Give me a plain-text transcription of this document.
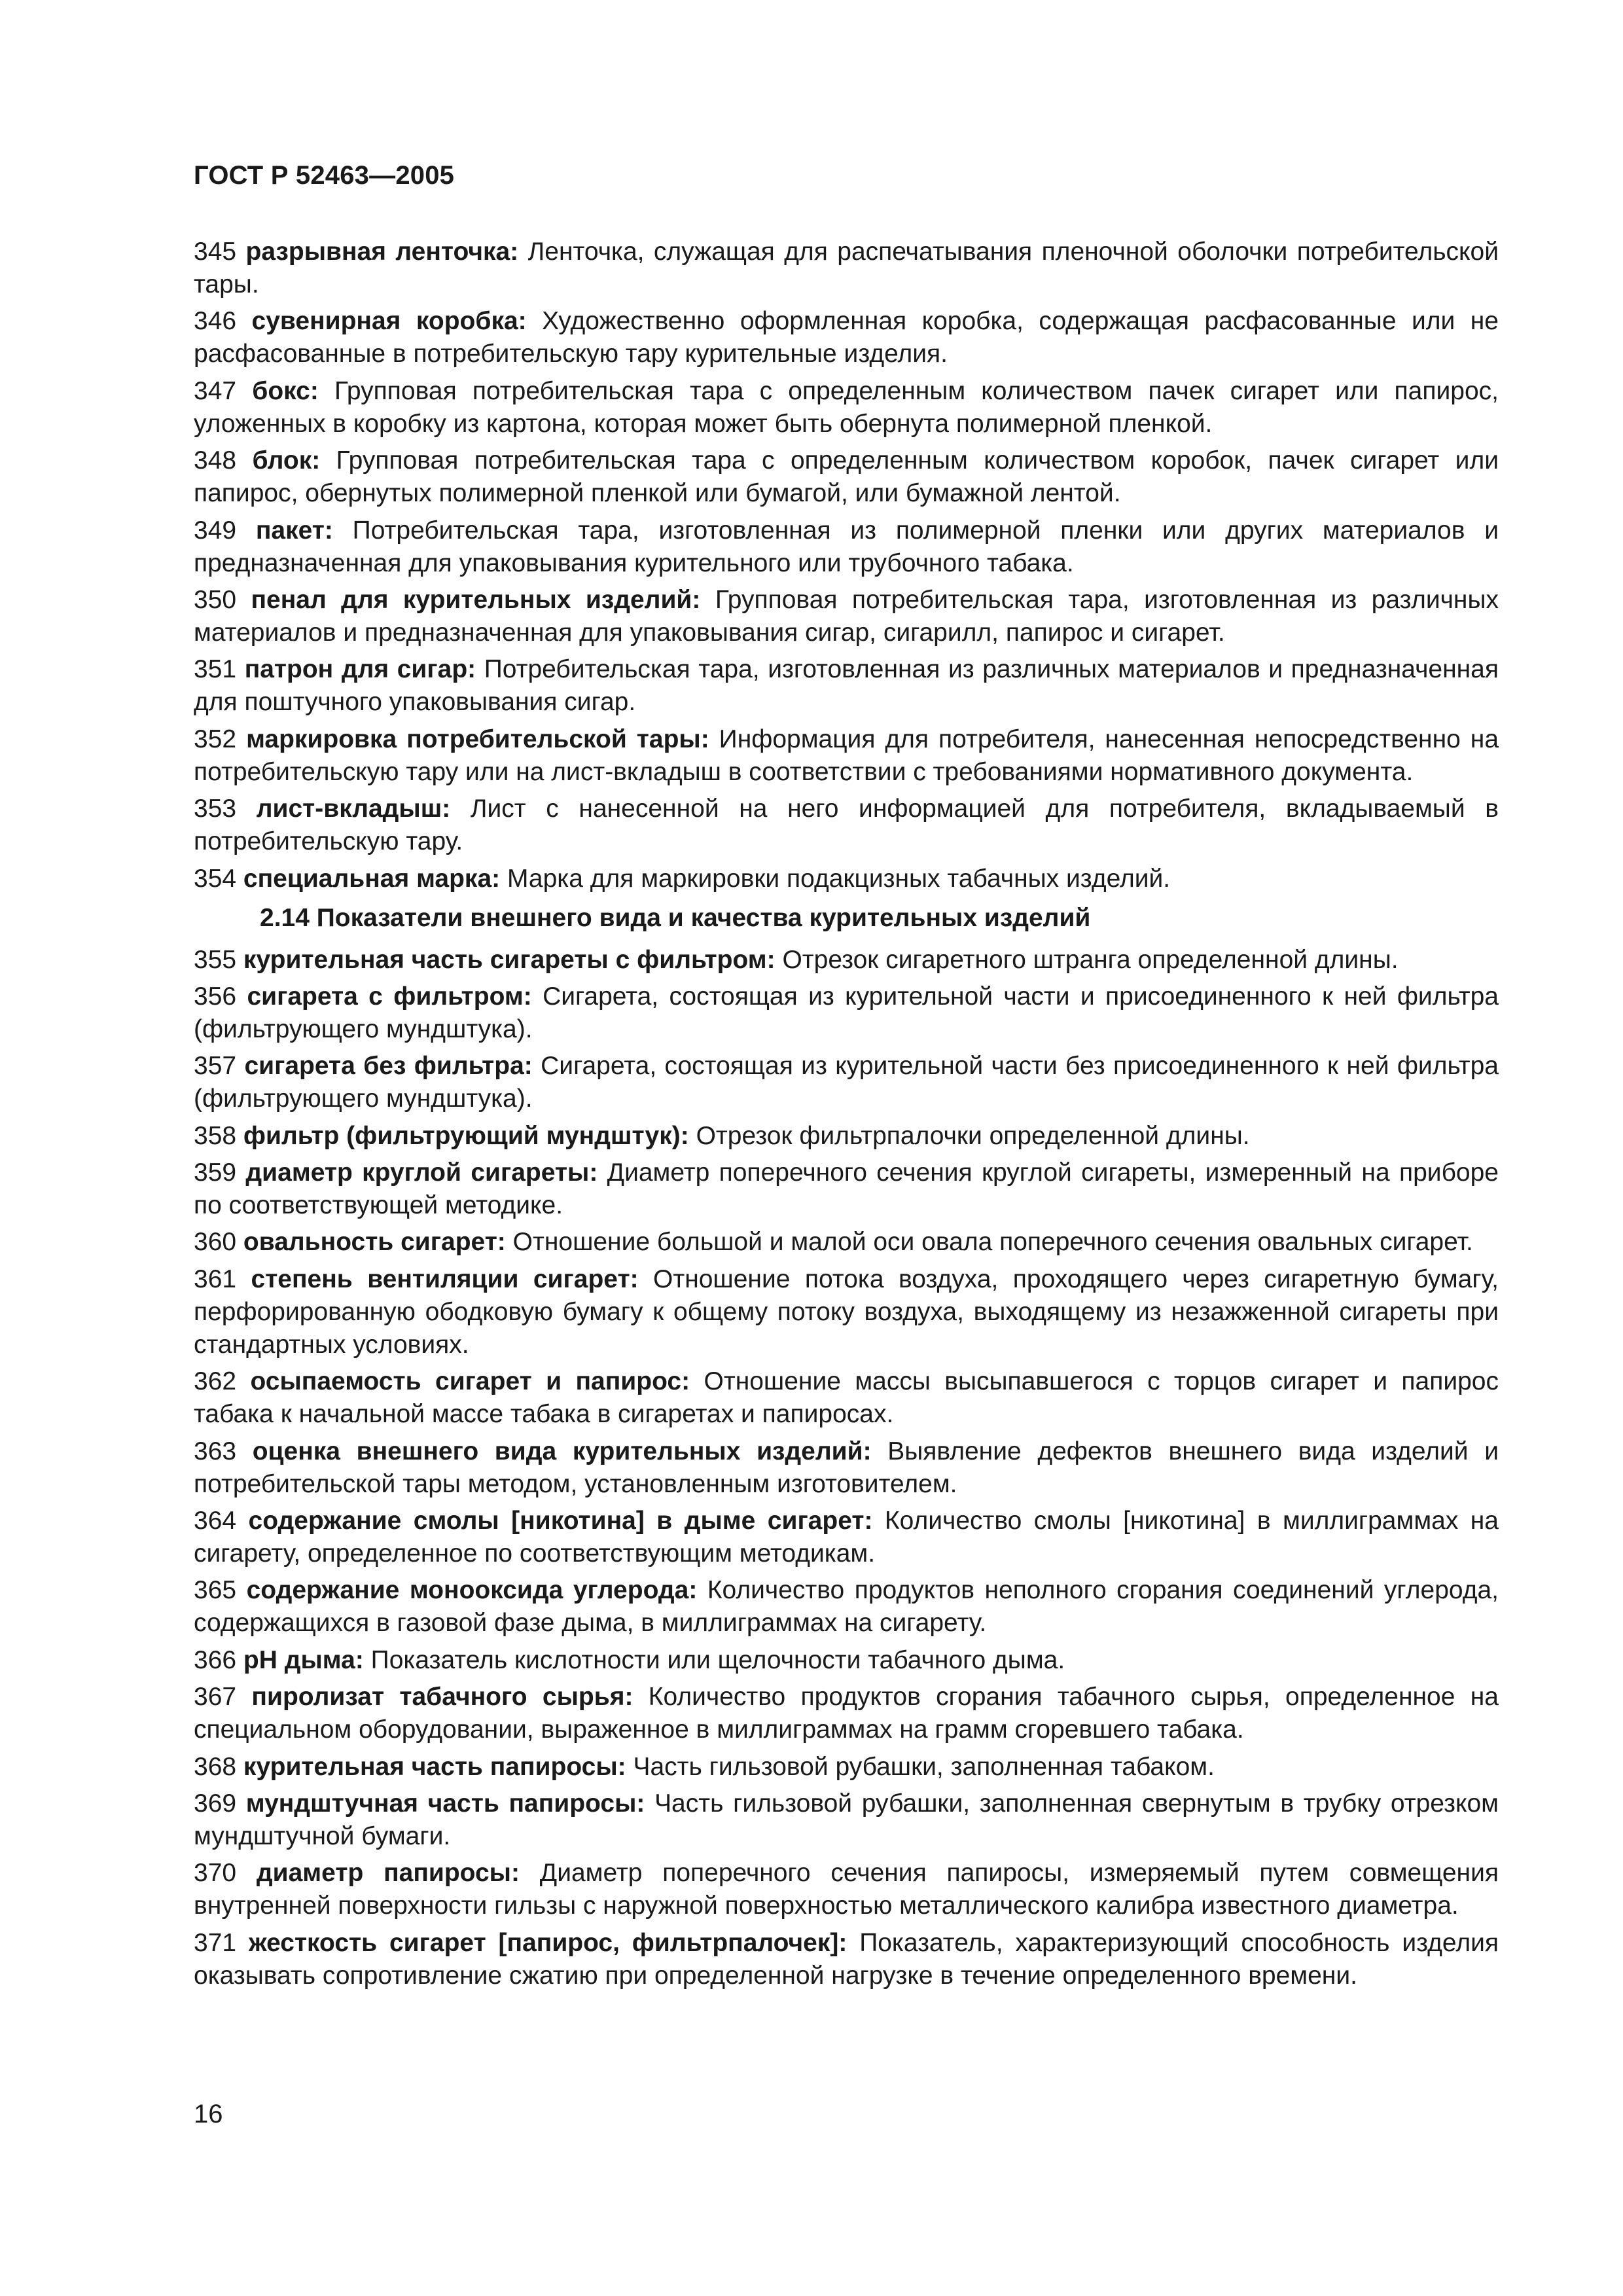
ГОСТ Р 52463—2005
345 разрывная ленточка: Ленточка, служащая для распечатывания пленочной оболочки потребительской тары.
346 сувенирная коробка: Художественно оформленная коробка, содержащая расфасованные или не расфасованные в потребительскую тару курительные изделия.
347 бокс: Групповая потребительская тара с определенным количеством пачек сигарет или папирос, уложенных в коробку из картона, которая может быть обернута полимерной пленкой.
348 блок: Групповая потребительская тара с определенным количеством коробок, пачек сигарет или папирос, обернутых полимерной пленкой или бумагой, или бумажной лентой.
349 пакет: Потребительская тара, изготовленная из полимерной пленки или других материалов и предназначенная для упаковывания курительного или трубочного табака.
350 пенал для курительных изделий: Групповая потребительская тара, изготовленная из различных материалов и предназначенная для упаковывания сигар, сигарилл, папирос и сигарет.
351 патрон для сигар: Потребительская тара, изготовленная из различных материалов и предназначенная для поштучного упаковывания сигар.
352 маркировка потребительской тары: Информация для потребителя, нанесенная непосредственно на потребительскую тару или на лист-вкладыш в соответствии с требованиями нормативного документа.
353 лист-вкладыш: Лист с нанесенной на него информацией для потребителя, вкладываемый в потребительскую тару.
354 специальная марка: Марка для маркировки подакцизных табачных изделий.
2.14 Показатели внешнего вида и качества курительных изделий
355 курительная часть сигареты с фильтром: Отрезок сигаретного штранга определенной длины.
356 сигарета с фильтром: Сигарета, состоящая из курительной части и присоединенного к ней фильтра (фильтрующего мундштука).
357 сигарета без фильтра: Сигарета, состоящая из курительной части без присоединенного к ней фильтра (фильтрующего мундштука).
358 фильтр (фильтрующий мундштук): Отрезок фильтрпалочки определенной длины.
359 диаметр круглой сигареты: Диаметр поперечного сечения круглой сигареты, измеренный на приборе по соответствующей методике.
360 овальность сигарет: Отношение большой и малой оси овала поперечного сечения овальных сигарет.
361 степень вентиляции сигарет: Отношение потока воздуха, проходящего через сигаретную бумагу, перфорированную ободковую бумагу к общему потоку воздуха, выходящему из незажженной сигареты при стандартных условиях.
362 осыпаемость сигарет и папирос: Отношение массы высыпавшегося с торцов сигарет и папирос табака к начальной массе табака в сигаретах и папиросах.
363 оценка внешнего вида курительных изделий: Выявление дефектов внешнего вида изделий и потребительской тары методом, установленным изготовителем.
364 содержание смолы [никотина] в дыме сигарет: Количество смолы [никотина] в миллиграммах на сигарету, определенное по соответствующим методикам.
365 содержание монооксида углерода: Количество продуктов неполного сгорания соединений углерода, содержащихся в газовой фазе дыма, в миллиграммах на сигарету.
366 рН дыма: Показатель кислотности или щелочности табачного дыма.
367 пиролизат табачного сырья: Количество продуктов сгорания табачного сырья, определенное на специальном оборудовании, выраженное в миллиграммах на грамм сгоревшего табака.
368 курительная часть папиросы: Часть гильзовой рубашки, заполненная табаком.
369 мундштучная часть папиросы: Часть гильзовой рубашки, заполненная свернутым в трубку отрезком мундштучной бумаги.
370 диаметр папиросы: Диаметр поперечного сечения папиросы, измеряемый путем совмещения внутренней поверхности гильзы с наружной поверхностью металлического калибра известного диаметра.
371 жесткость сигарет [папирос, фильтрпалочек]: Показатель, характеризующий способность изделия оказывать сопротивление сжатию при определенной нагрузке в течение определенного времени.
16
